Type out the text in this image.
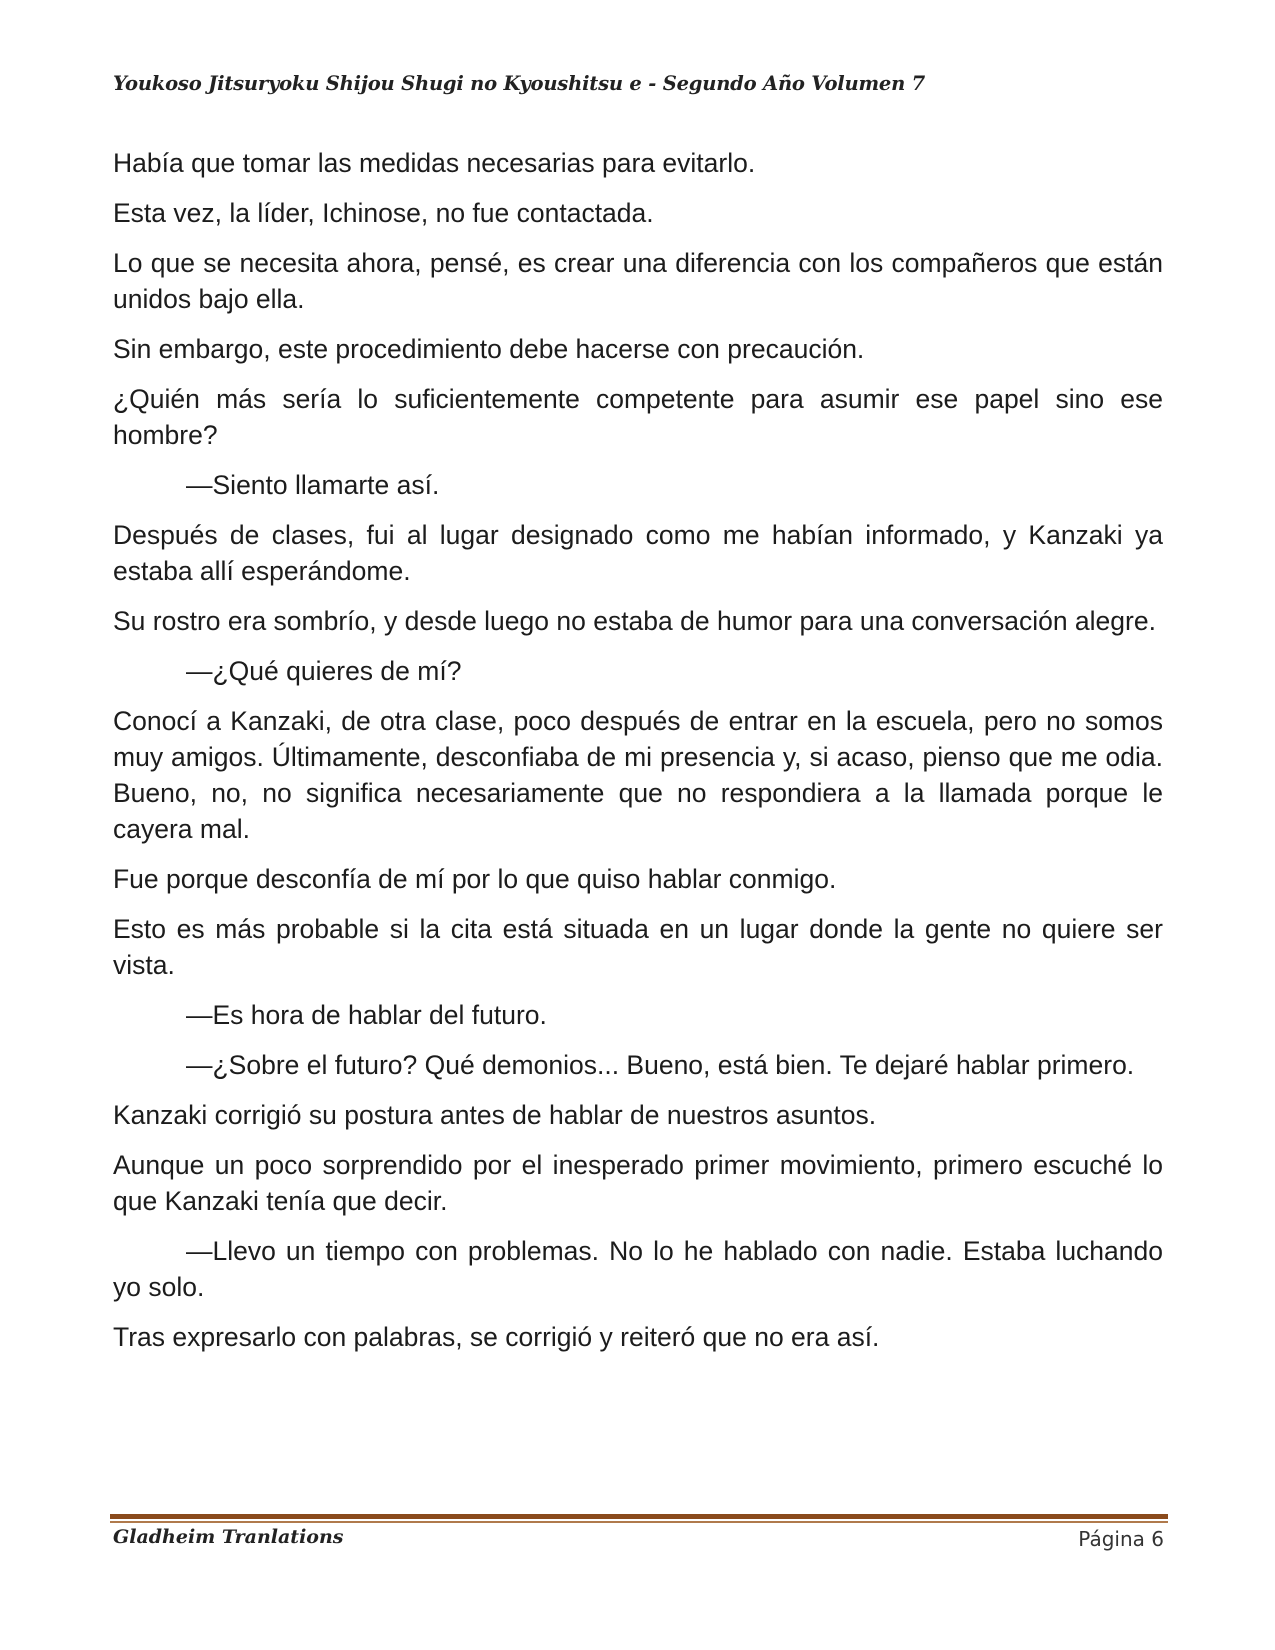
Youkoso Jitsuryoku Shijou Shugi no Kyoushitsu e - Segundo Año Volumen 7

Había que tomar las medidas necesarias para evitarlo.

Esta vez, la líder, Ichinose, no fue contactada.

Lo que se necesita ahora, pensé, es crear una diferencia con los compañeros que están unidos bajo ella.

Sin embargo, este procedimiento debe hacerse con precaución.

¿Quién más sería lo suficientemente competente para asumir ese papel sino ese hombre?

—Siento llamarte así.

Después de clases, fui al lugar designado como me habían informado, y Kanzaki ya estaba allí esperándome.

Su rostro era sombrío, y desde luego no estaba de humor para una conversación alegre.

—¿Qué quieres de mí?

Conocí a Kanzaki, de otra clase, poco después de entrar en la escuela, pero no somos muy amigos. Últimamente, desconfiaba de mi presencia y, si acaso, pienso que me odia. Bueno, no, no significa necesariamente que no respondiera a la llamada porque le cayera mal.

Fue porque desconfía de mí por lo que quiso hablar conmigo.

Esto es más probable si la cita está situada en un lugar donde la gente no quiere ser vista.

—Es hora de hablar del futuro.

—¿Sobre el futuro? Qué demonios... Bueno, está bien. Te dejaré hablar primero.

Kanzaki corrigió su postura antes de hablar de nuestros asuntos.

Aunque un poco sorprendido por el inesperado primer movimiento, primero escuché lo que Kanzaki tenía que decir.

—Llevo un tiempo con problemas. No lo he hablado con nadie. Estaba luchando yo solo.

Tras expresarlo con palabras, se corrigió y reiteró que no era así.

Gladheim Tranlations	Página 6
